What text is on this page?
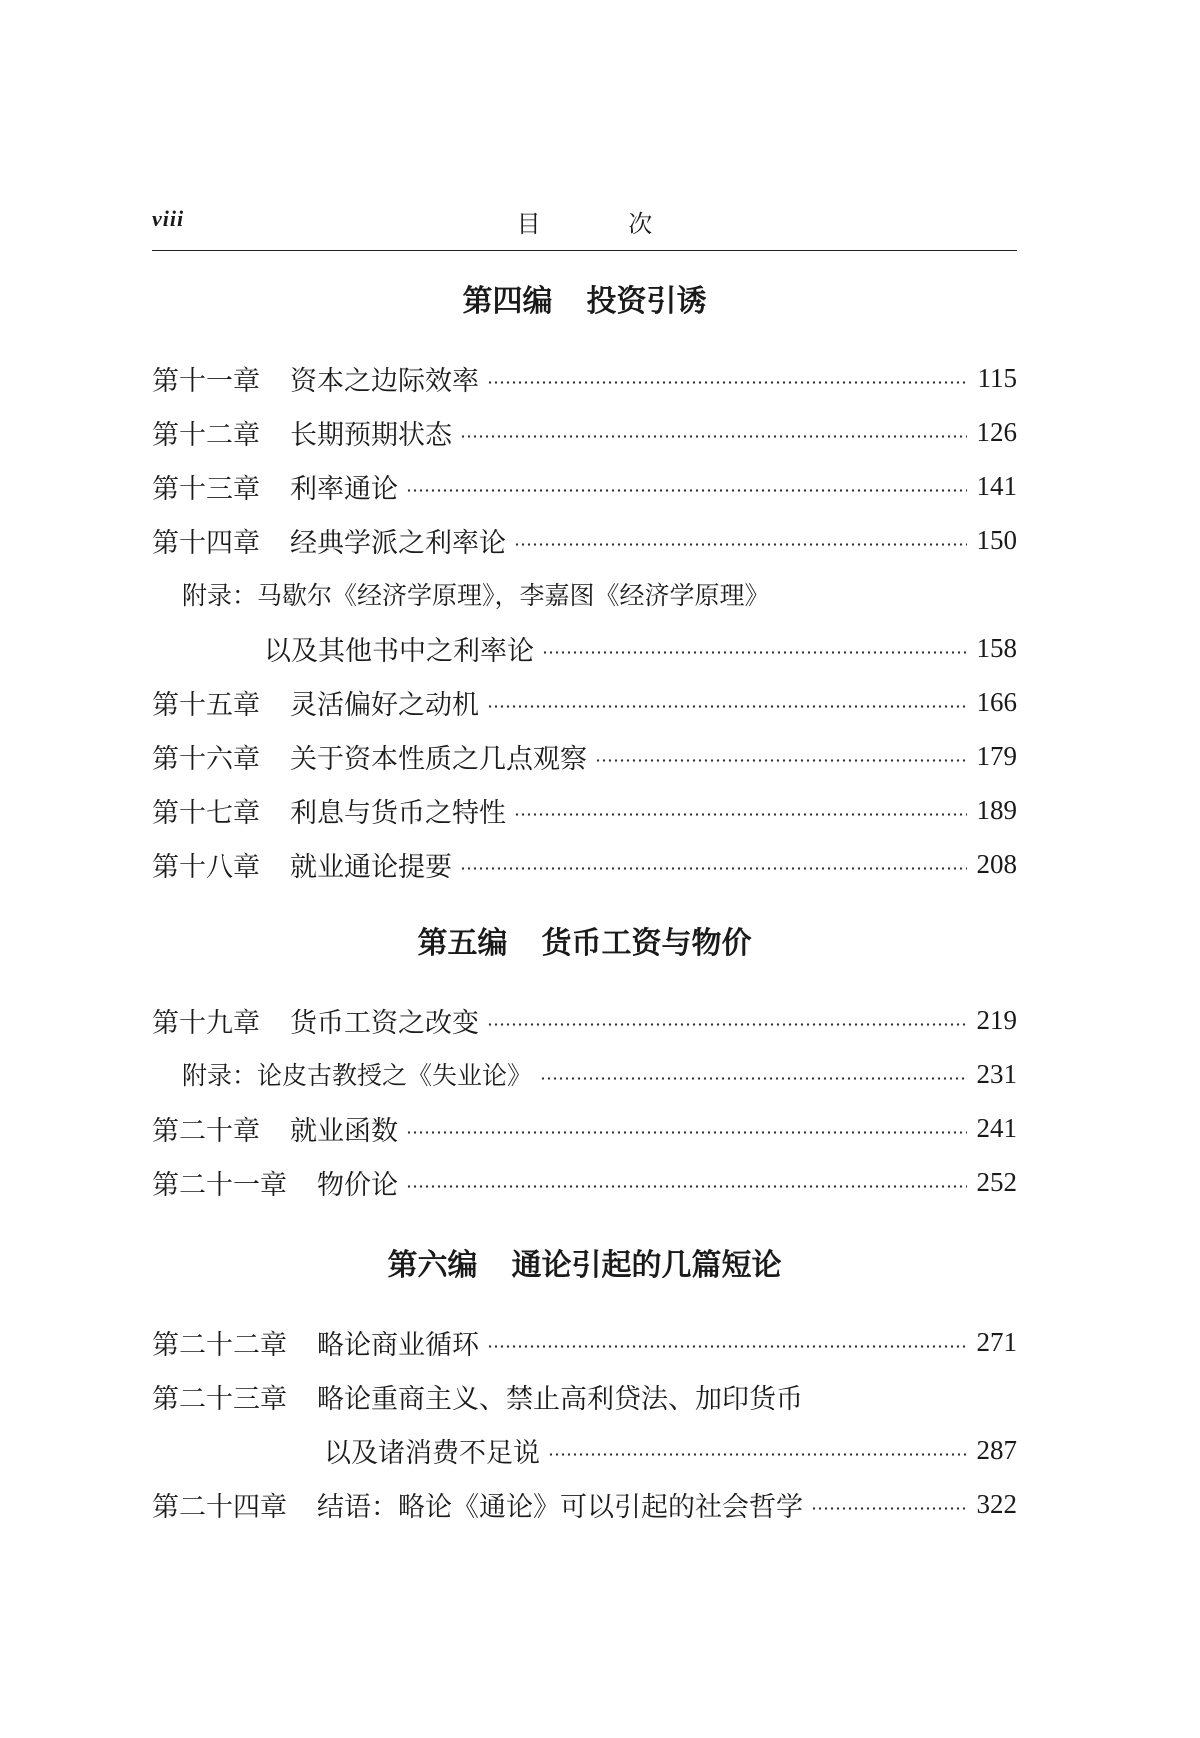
viii	目 次
第四编 投资引诱
第十一章 资本之边际效率	115
第十二章 长期预期状态	126
第十三章 利率通论	141
第十四章 经典学派之利率论	150
附录：马歇尔《经济学原理》，李嘉图《经济学原理》
以及其他书中之利率论	158
第十五章 灵活偏好之动机	166
第十六章 关于资本性质之几点观察	179
第十七章 利息与货币之特性	189
第十八章 就业通论提要	208
第五编 货币工资与物价
第十九章 货币工资之改变	219
附录：论皮古教授之《失业论》	231
第二十章 就业函数	241
第二十一章 物价论	252
第六编 通论引起的几篇短论
第二十二章 略论商业循环	271
第二十三章 略论重商主义、禁止高利贷法、加印货币
以及诸消费不足说	287
第二十四章 结语：略论《通论》可以引起的社会哲学	322
